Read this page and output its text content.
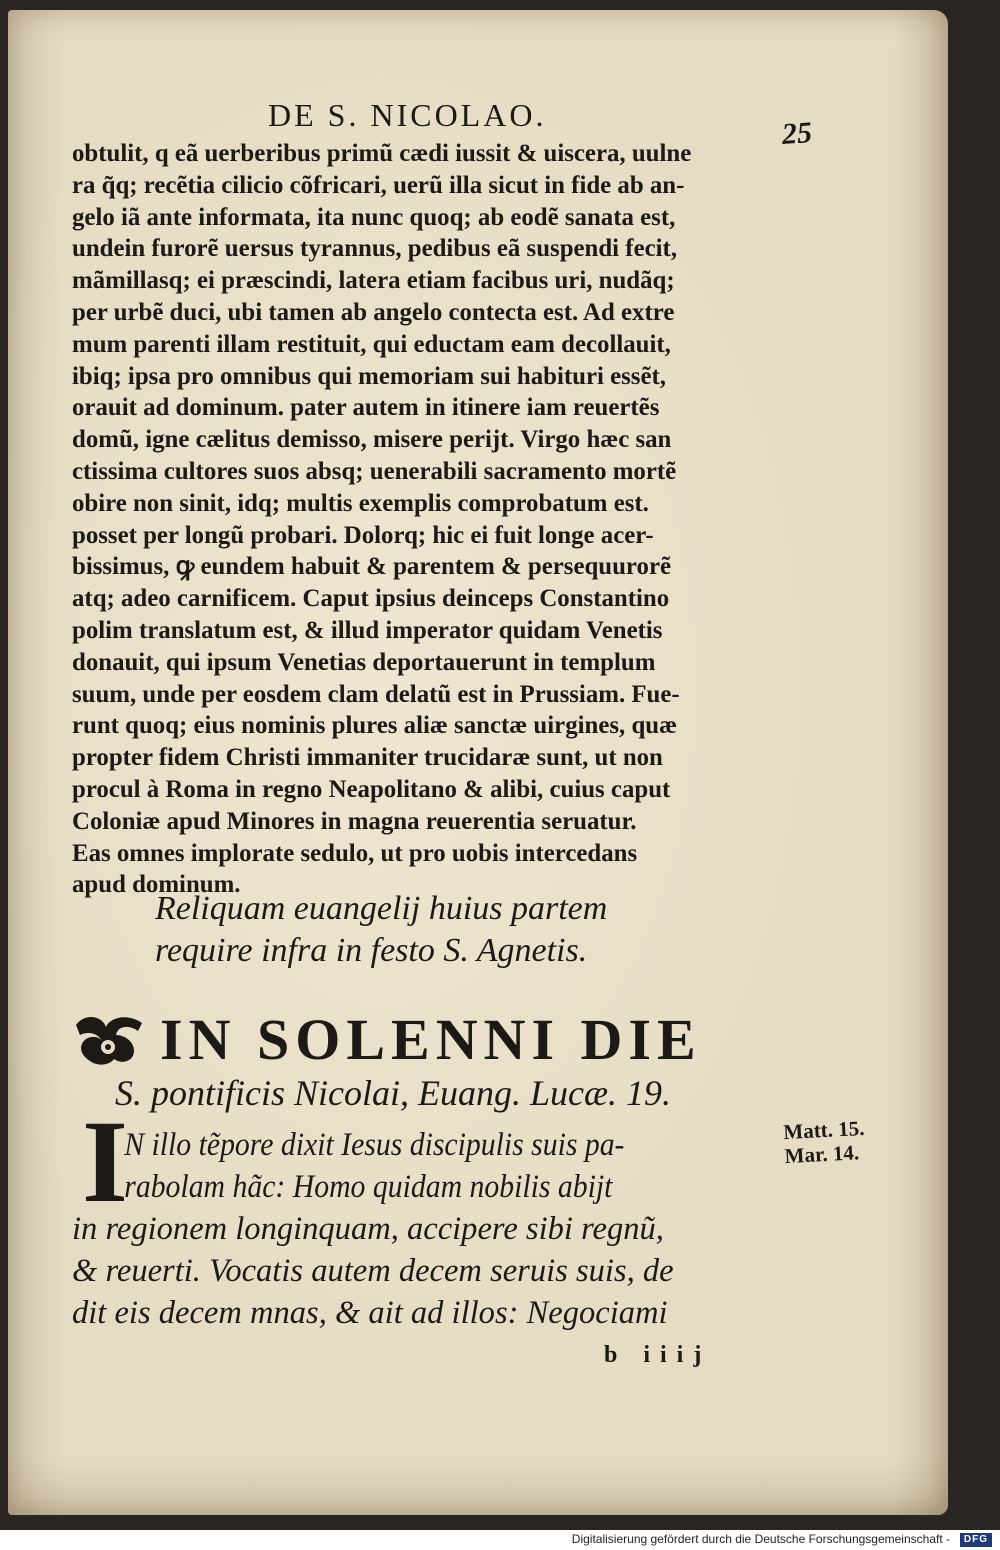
DE S. NICOLAO.
25
obtulit, q eã uerberibus primũ cædi iussit & uiscera, uulne
ra q̃q; recẽtia cilicio cõfricari, uerũ illa sicut in fide ab an-
gelo iã ante informata, ita nunc quoq; ab eodẽ sanata est,
undein furorẽ uersus tyrannus, pedibus eã suspendi fecit,
mãmillasq; ei præscindi, latera etiam facibus uri, nudãq;
per urbẽ duci, ubi tamen ab angelo contecta est. Ad extre
mum parenti illam restituit, qui eductam eam decollauit,
ibiq; ipsa pro omnibus qui memoriam sui habituri essẽt,
orauit ad dominum. pater autem in itinere iam reuertẽs
domũ, igne cælitus demisso, misere perijt. Virgo hæc san
ctissima cultores suos absq; uenerabili sacramento mortẽ
obire non sinit, idq; multis exemplis comprobatum est.
posset per longũ probari. Dolorq; hic ei fuit longe acer-
bissimus, ꝙ eundem habuit & parentem & persequurorẽ
atq; adeo carnificem. Caput ipsius deinceps Constantino
polim translatum est, & illud imperator quidam Venetis
donauit, qui ipsum Venetias deportauerunt in templum
suum, unde per eosdem clam delatũ est in Prussiam. Fue-
runt quoq; eius nominis plures aliæ sanctæ uirgines, quæ
propter fidem Christi immaniter trucidaræ sunt, ut non
procul à Roma in regno Neapolitano & alibi, cuius caput
Coloniæ apud Minores in magna reuerentia seruatur.
Eas omnes implorate sedulo, ut pro uobis intercedans
apud dominum.
Reliquam euangelij huius partem
require infra in festo S. Agnetis.
IN SOLENNI DIE
S. pontificis Nicolai, Euang. Lucæ. 19.
Matt. 15.
Mar. 14.
I
N illo tẽpore dixit Iesus discipulis suis pa-
rabolam hãc: Homo quidam nobilis abijt
in regionem longinquam, accipere sibi regnũ,
& reuerti. Vocatis autem decem seruis suis, de
dit eis decem mnas, & ait ad illos: Negociami
b iiij
Digitalisierung gefördert durch die Deutsche Forschungsgemeinschaft -	DFG
